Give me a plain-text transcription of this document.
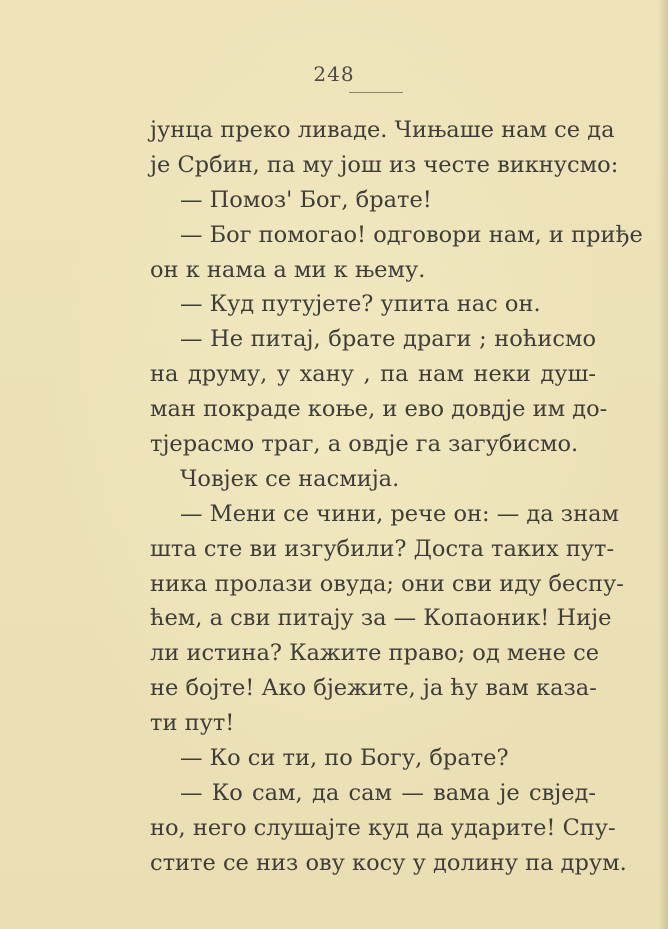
248
јунца преко ливаде. Чињаше нам се да
је Србин, па му још из честе викнусмо:
— Помоз' Бог, брате!
— Бог помогао! одговори нам, и приђе
он к нама а ми к њему.
— Куд путујете? упита нас он.
— Не питај, брате драги ; ноћисмо
на друму, у хану , па нам неки душ-
ман покраде коње, и ево довдје им до-
тјерасмо траг, а овдје га загубисмо.
Човјек се насмија.
— Мени се чини, рече он: — да знам
шта сте ви изгубили? Доста таких пут-
ника пролази овуда; они сви иду беспу-
ћем, а сви питају за — Копаоник! Није
ли истина? Кажите право; од мене се
не бојте! Ако бјежите, ја ћу вам каза-
ти пут!
— Ко си ти, по Богу, брате?
— Ко сам, да сам — вама је свјед-
но, него слушајте куд да ударите! Спу-
стите се низ ову косу у долину па друм.
